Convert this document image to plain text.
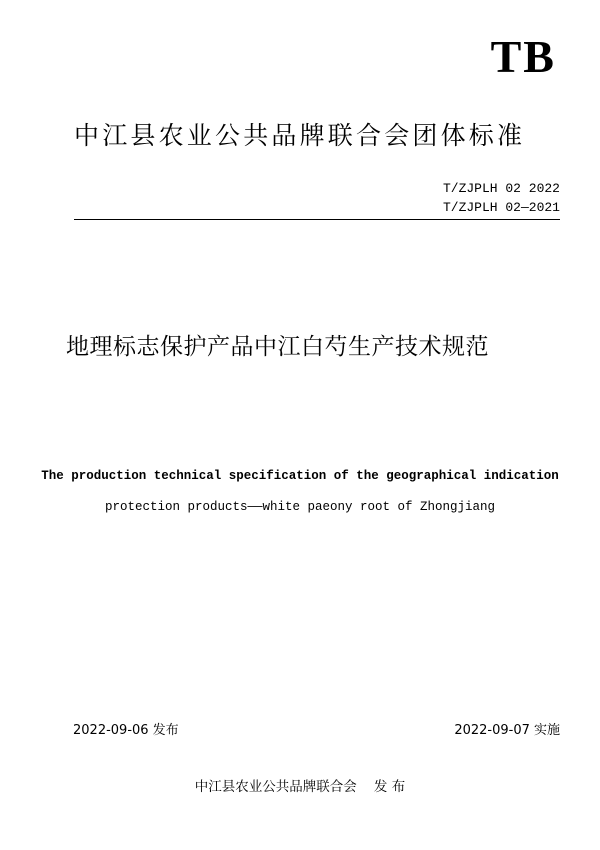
TB
中江县农业公共品牌联合会团体标准
T/ZJPLH 02 2022
T/ZJPLH 02—2021
地理标志保护产品中江白芍生产技术规范
The production technical specification of the geographical indication
protection products——white paeony root of Zhongjiang
2022-09-06 发布	2022-09-07 实施
中江县农业公共品牌联合会    发 布
